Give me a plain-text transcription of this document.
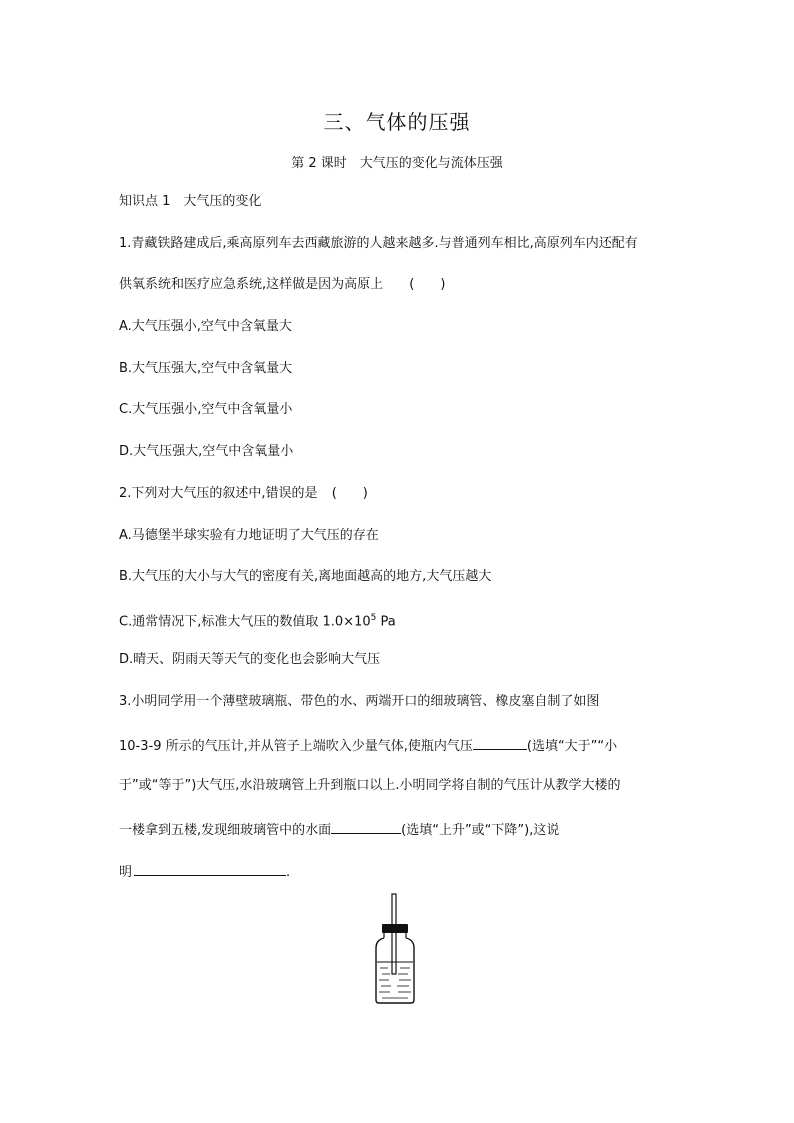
三、气体的压强
第 2 课时　大气压的变化与流体压强
知识点 1　大气压的变化
1.青藏铁路建成后,乘高原列车去西藏旅游的人越来越多.与普通列车相比,高原列车内还配有
供氧系统和医疗应急系统,这样做是因为高原上 (　　)
A.大气压强小,空气中含氧量大
B.大气压强大,空气中含氧量大
C.大气压强小,空气中含氧量小
D.大气压强大,空气中含氧量小
2.下列对大气压的叙述中,错误的是 (　　)
A.马德堡半球实验有力地证明了大气压的存在
B.大气压的大小与大气的密度有关,离地面越高的地方,大气压越大
C.通常情况下,标准大气压的数值取 $1.0\times 10^5$ Pa
D.晴天、阴雨天等天气的变化也会影响大气压
3.小明同学用一个薄壁玻璃瓶、带色的水、两端开口的细玻璃管、橡皮塞自制了如图
10-3-9 所示的气压计,并从管子上端吹入少量气体,使瓶内气压	(选填“大于”“小
于”或“等于”)大气压,水沿玻璃管上升到瓶口以上.小明同学将自制的气压计从教学大楼的
一楼拿到五楼,发现细玻璃管中的水面	(选填“上升”或“下降”),这说
明	.
